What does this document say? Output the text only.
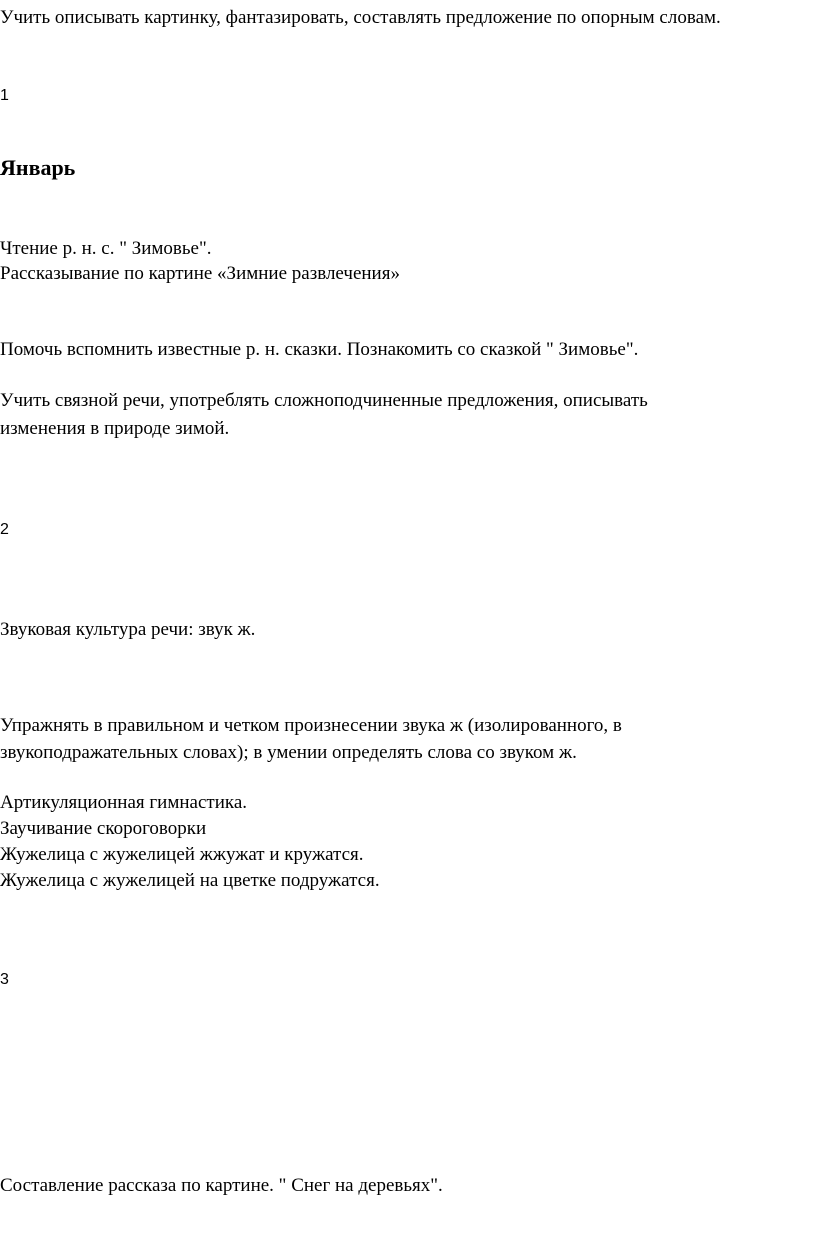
Учить описывать картинку, фантазировать, составлять предложение по опорным словам.

1

Январь

Чтение р. н. с. " Зимовье".

Рассказывание по картине «Зимние развлечения»

Помочь вспомнить известные р. н. сказки. Познакомить со сказкой " Зимовье".

Учить связной речи, употреблять сложноподчиненные предложения, описывать

изменения в природе зимой.

2

Звуковая культура речи: звук ж.

Упражнять в правильном и четком произнесении звука ж (изолированного, в

звукоподражательных словах); в умении определять слова со звуком ж.

Артикуляционная гимнастика.

Заучивание скороговорки

Жужелица с жужелицей жжужат и кружатся.

Жужелица с жужелицей на цветке подружатся.

3

Составление рассказа по картине. " Снег на деревьях".
